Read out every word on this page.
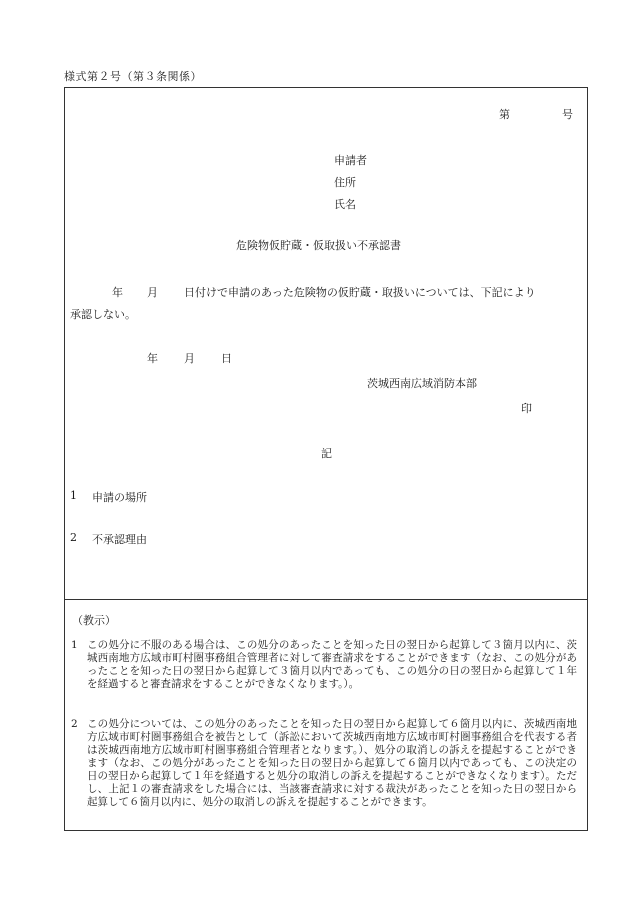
様式第２号（第３条関係）
第	号
申請者
住所
氏名
危険物仮貯蔵・仮取扱い不承認書
年 月 日付けで申請のあった危険物の仮貯蔵・取扱いについては、下記により
承認しない。
年 月 日
茨城西南広域消防本部
印
記
1 申請の場所
2 不承認理由
（教示）
1 この処分に不服のある場合は、この処分のあったことを知った日の翌日から起算して３箇月以内に、茨城西南地方広域市町村圏事務組合管理者に対して審査請求をすることができます（なお、この処分があったことを知った日の翌日から起算して３箇月以内であっても、この処分の日の翌日から起算して１年を経過すると審査請求をすることができなくなります。）。
2 この処分については、この処分のあったことを知った日の翌日から起算して６箇月以内に、茨城西南地方広域市町村圏事務組合を被告として（訴訟において茨城西南地方広域市町村圏事務組合を代表する者は茨城西南地方広域市町村圏事務組合管理者となります。）、処分の取消しの訴えを提起することができます（なお、この処分があったことを知った日の翌日から起算して６箇月以内であっても、この決定の日の翌日から起算して１年を経過すると処分の取消しの訴えを提起することができなくなります）。ただし、上記１の審査請求をした場合には、当該審査請求に対する裁決があったことを知った日の翌日から起算して６箇月以内に、処分の取消しの訴えを提起することができます。
